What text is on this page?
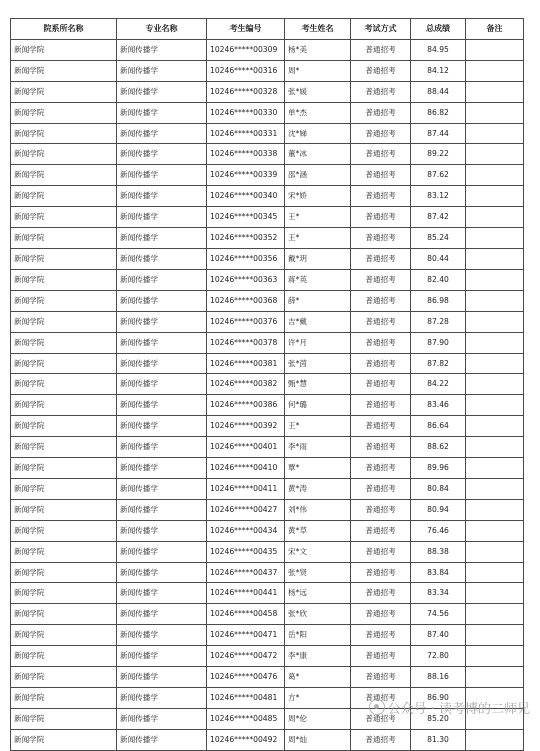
院系所名称	专业名称	考生编号	考生姓名	考试方式	总成绩	备注
新闻学院	新闻传播学	10246*****00309	杨*美	普通招考	84.95	
新闻学院	新闻传播学	10246*****00316	周*	普通招考	84.12	
新闻学院	新闻传播学	10246*****00328	张*媛	普通招考	88.44	
新闻学院	新闻传播学	10246*****00330	单*杰	普通招考	86.82	
新闻学院	新闻传播学	10246*****00331	沈*娣	普通招考	87.44	
新闻学院	新闻传播学	10246*****00338	董*冰	普通招考	89.22	
新闻学院	新闻传播学	10246*****00339	邵*涵	普通招考	87.62	
新闻学院	新闻传播学	10246*****00340	宋*娇	普通招考	83.12	
新闻学院	新闻传播学	10246*****00345	王*	普通招考	87.42	
新闻学院	新闻传播学	10246*****00352	王*	普通招考	85.24	
新闻学院	新闻传播学	10246*****00356	戴*玥	普通招考	80.44	
新闻学院	新闻传播学	10246*****00363	蒋*英	普通招考	82.40	
新闻学院	新闻传播学	10246*****00368	薛*	普通招考	86.98	
新闻学院	新闻传播学	10246*****00376	吉*戴	普通招考	87.28	
新闻学院	新闻传播学	10246*****00378	许*月	普通招考	87.90	
新闻学院	新闻传播学	10246*****00381	张*茵	普通招考	87.82	
新闻学院	新闻传播学	10246*****00382	甄*慧	普通招考	84.22	
新闻学院	新闻传播学	10246*****00386	何*璐	普通招考	83.46	
新闻学院	新闻传播学	10246*****00392	王*	普通招考	86.64	
新闻学院	新闻传播学	10246*****00401	李*雨	普通招考	88.62	
新闻学院	新闻传播学	10246*****00410	覃*	普通招考	89.96	
新闻学院	新闻传播学	10246*****00411	黄*涛	普通招考	80.84	
新闻学院	新闻传播学	10246*****00427	刘*伟	普通招考	80.94	
新闻学院	新闻传播学	10246*****00434	黄*草	普通招考	76.46	
新闻学院	新闻传播学	10246*****00435	宋*文	普通招考	88.38	
新闻学院	新闻传播学	10246*****00437	张*贤	普通招考	83.84	
新闻学院	新闻传播学	10246*****00441	杨*远	普通招考	83.34	
新闻学院	新闻传播学	10246*****00458	张*欣	普通招考	74.56	
新闻学院	新闻传播学	10246*****00471	岳*阳	普通招考	87.40	
新闻学院	新闻传播学	10246*****00472	李*康	普通招考	72.80	
新闻学院	新闻传播学	10246*****00476	葛*	普通招考	88.16	
新闻学院	新闻传播学	10246*****00481	方*	普通招考	86.90	
新闻学院	新闻传播学	10246*****00485	周*伦	普通招考	85.20	
新闻学院	新闻传播学	10246*****00492	周*灿	普通招考	81.30	
公众号 · 读考博的二师兄
